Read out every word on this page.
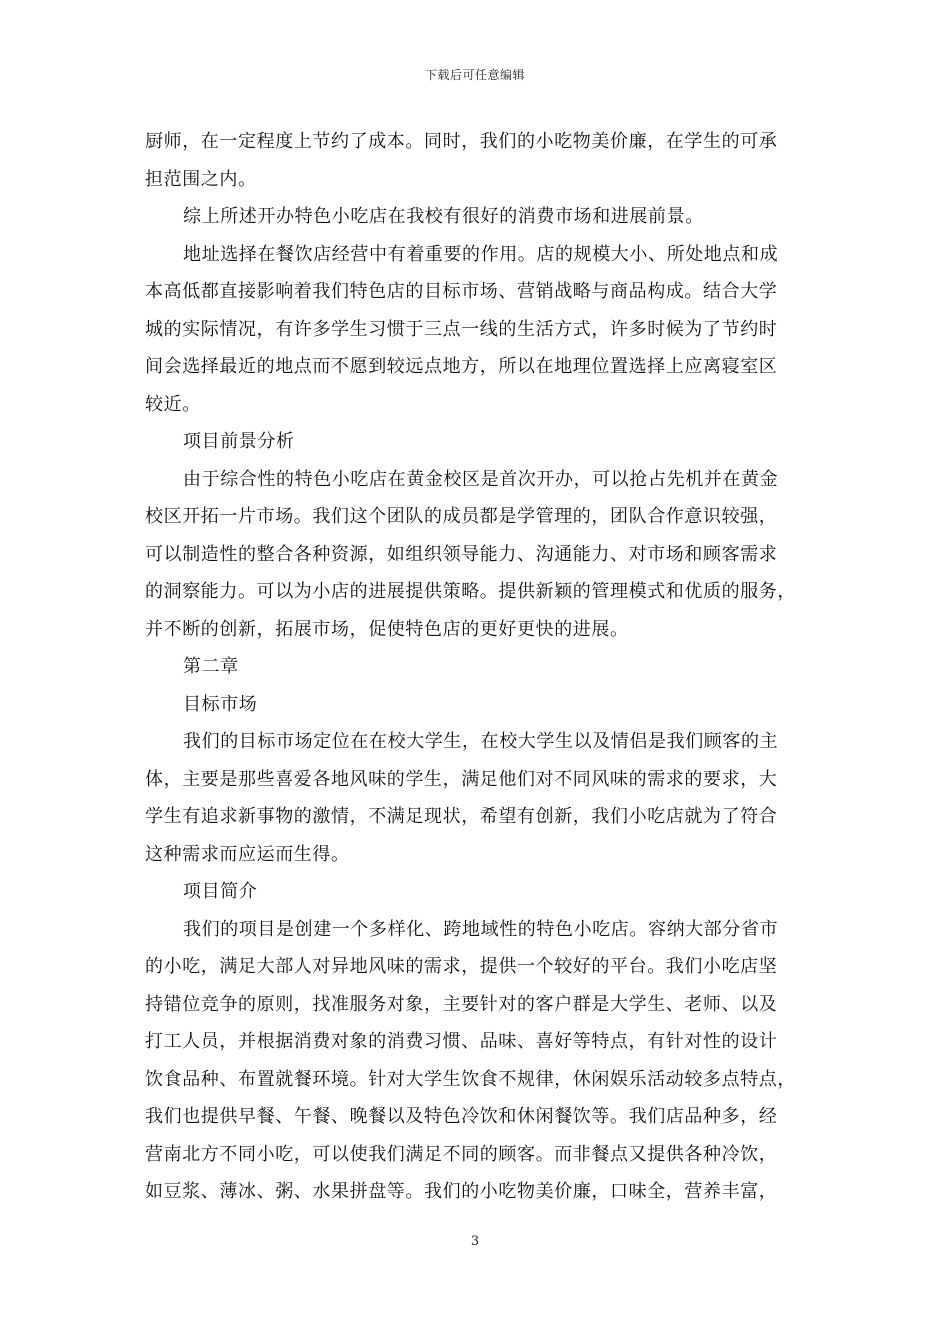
下载后可任意编辑
厨师，在一定程度上节约了成本。同时，我们的小吃物美价廉，在学生的可承
担范围之内。
综上所述开办特色小吃店在我校有很好的消费市场和进展前景。
地址选择在餐饮店经营中有着重要的作用。店的规模大小、所处地点和成
本高低都直接影响着我们特色店的目标市场、营销战略与商品构成。结合大学
城的实际情况，有许多学生习惯于三点一线的生活方式，许多时候为了节约时
间会选择最近的地点而不愿到较远点地方，所以在地理位置选择上应离寝室区
较近。
项目前景分析
由于综合性的特色小吃店在黄金校区是首次开办，可以抢占先机并在黄金
校区开拓一片市场。我们这个团队的成员都是学管理的，团队合作意识较强，
可以制造性的整合各种资源，如组织领导能力、沟通能力、对市场和顾客需求
的洞察能力。可以为小店的进展提供策略。提供新颖的管理模式和优质的服务，
并不断的创新，拓展市场，促使特色店的更好更快的进展。
第二章
目标市场
我们的目标市场定位在在校大学生，在校大学生以及情侣是我们顾客的主
体，主要是那些喜爱各地风味的学生，满足他们对不同风味的需求的要求，大
学生有追求新事物的激情，不满足现状，希望有创新，我们小吃店就为了符合
这种需求而应运而生得。
项目简介
我们的项目是创建一个多样化、跨地域性的特色小吃店。容纳大部分省市
的小吃，满足大部人对异地风味的需求，提供一个较好的平台。我们小吃店坚
持错位竞争的原则，找准服务对象，主要针对的客户群是大学生、老师、以及
打工人员，并根据消费对象的消费习惯、品味、喜好等特点，有针对性的设计
饮食品种、布置就餐环境。针对大学生饮食不规律，休闲娱乐活动较多点特点，
我们也提供早餐、午餐、晚餐以及特色冷饮和休闲餐饮等。我们店品种多，经
营南北方不同小吃，可以使我们满足不同的顾客。而非餐点又提供各种冷饮，
如豆浆、薄冰、粥、水果拼盘等。我们的小吃物美价廉，口味全，营养丰富，
3
